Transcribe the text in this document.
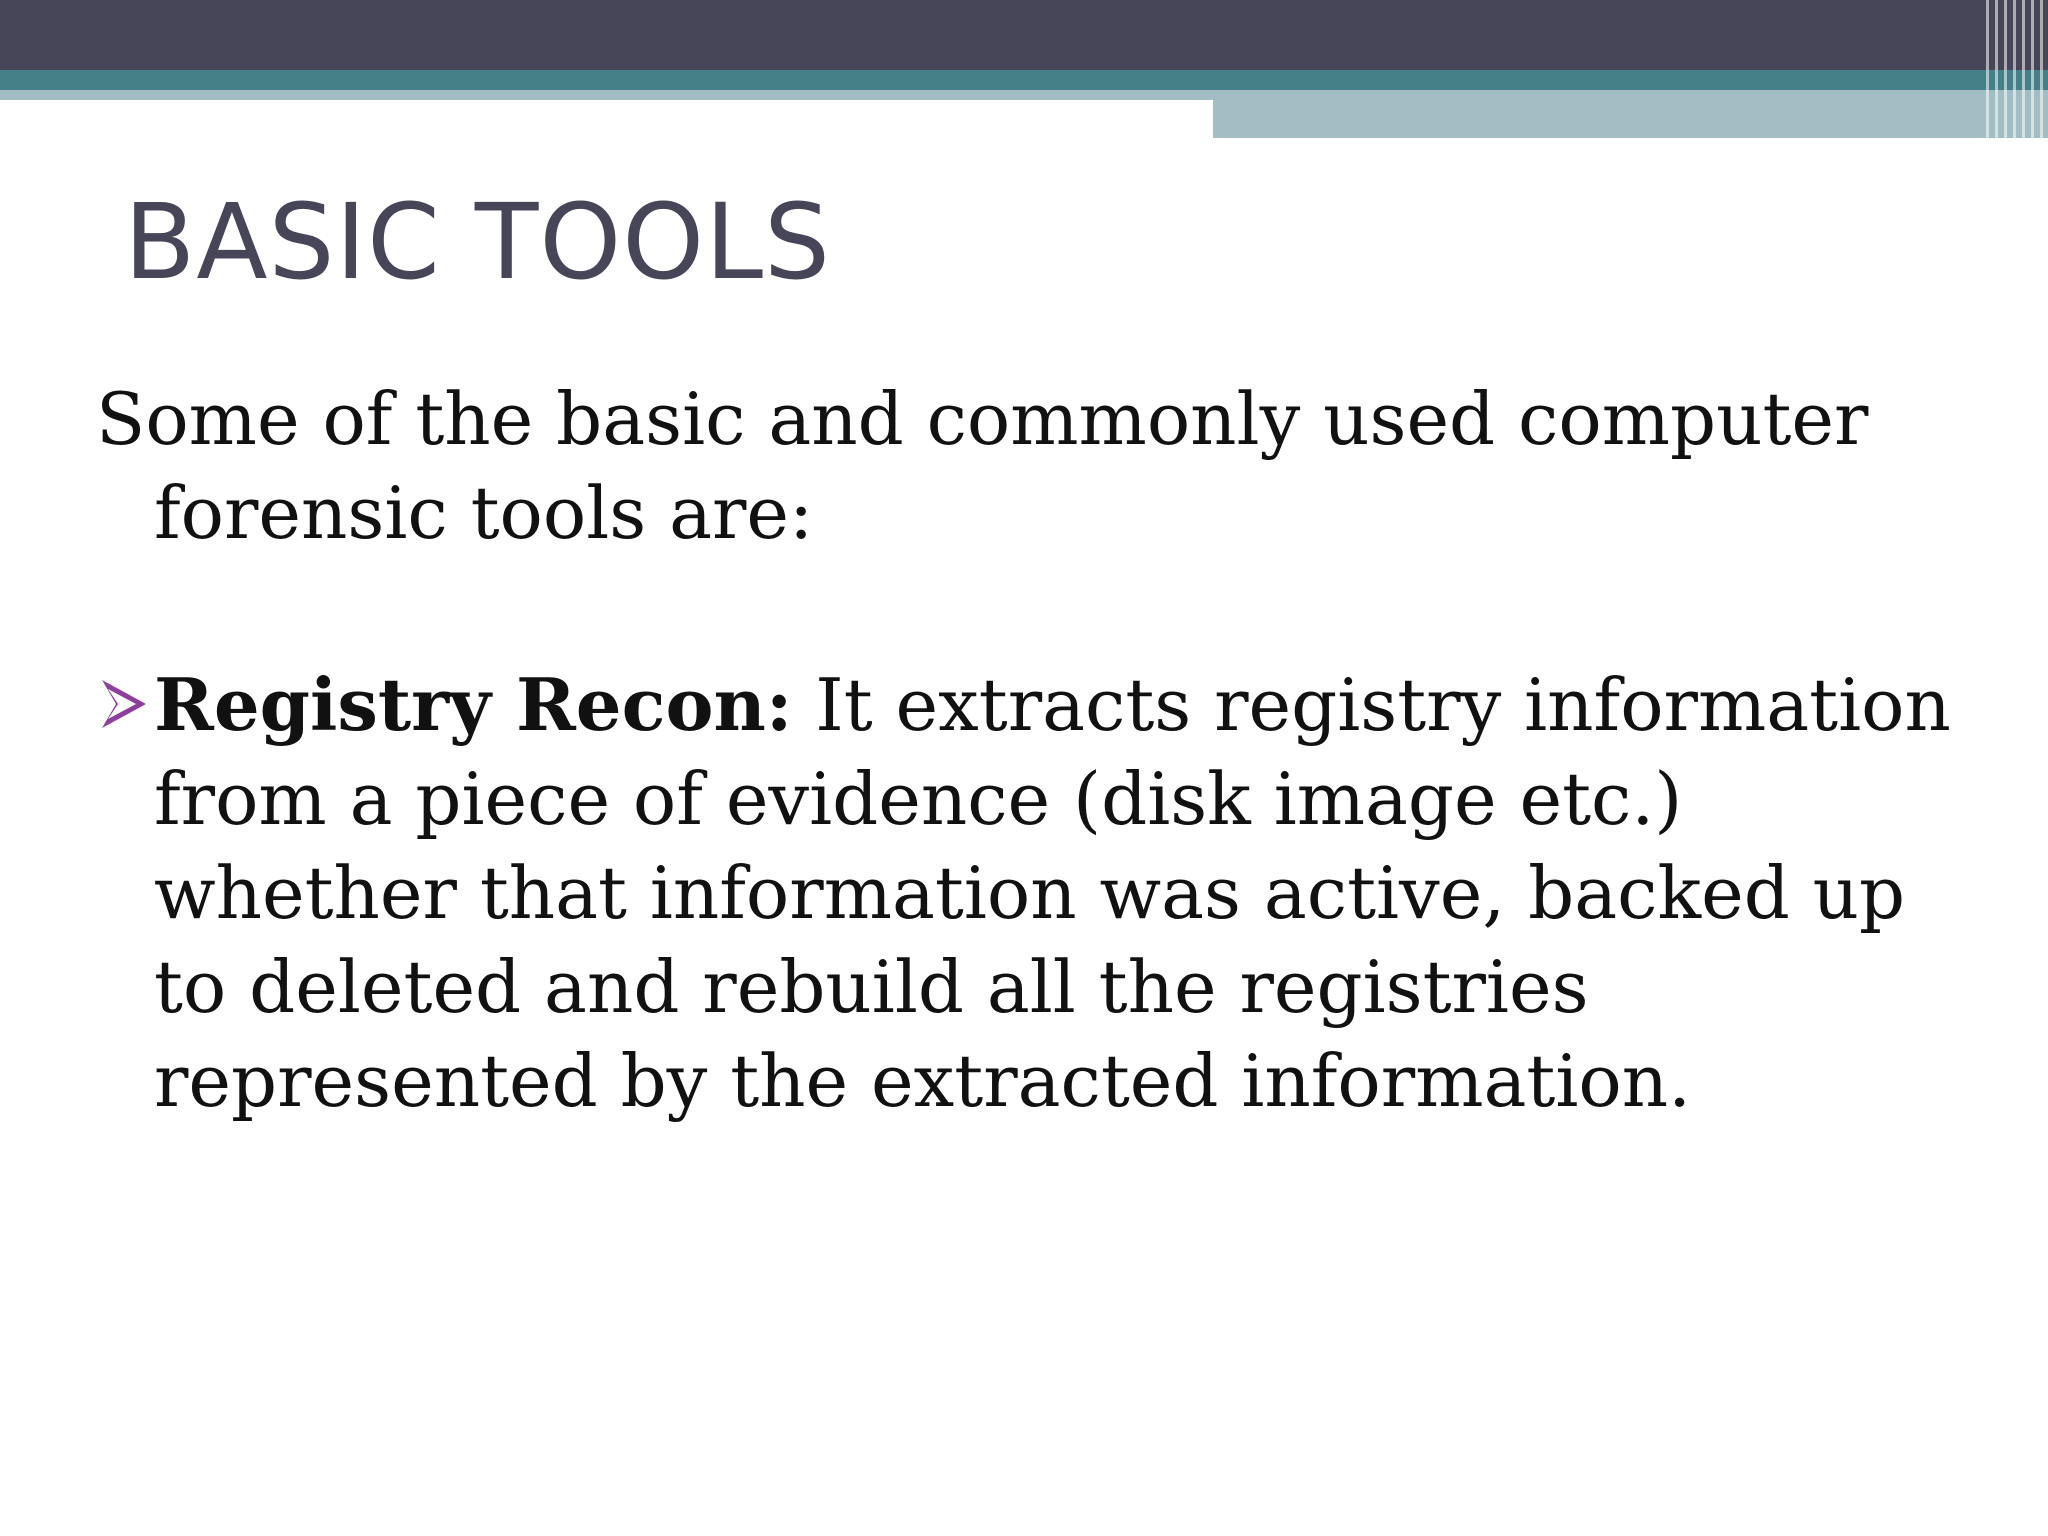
BASIC TOOLS

Some of the basic and commonly used computer forensic tools are:

Registry Recon: It extracts registry information from a piece of evidence (disk image etc.) whether that information was active, backed up to deleted and rebuild all the registries represented by the extracted information.
